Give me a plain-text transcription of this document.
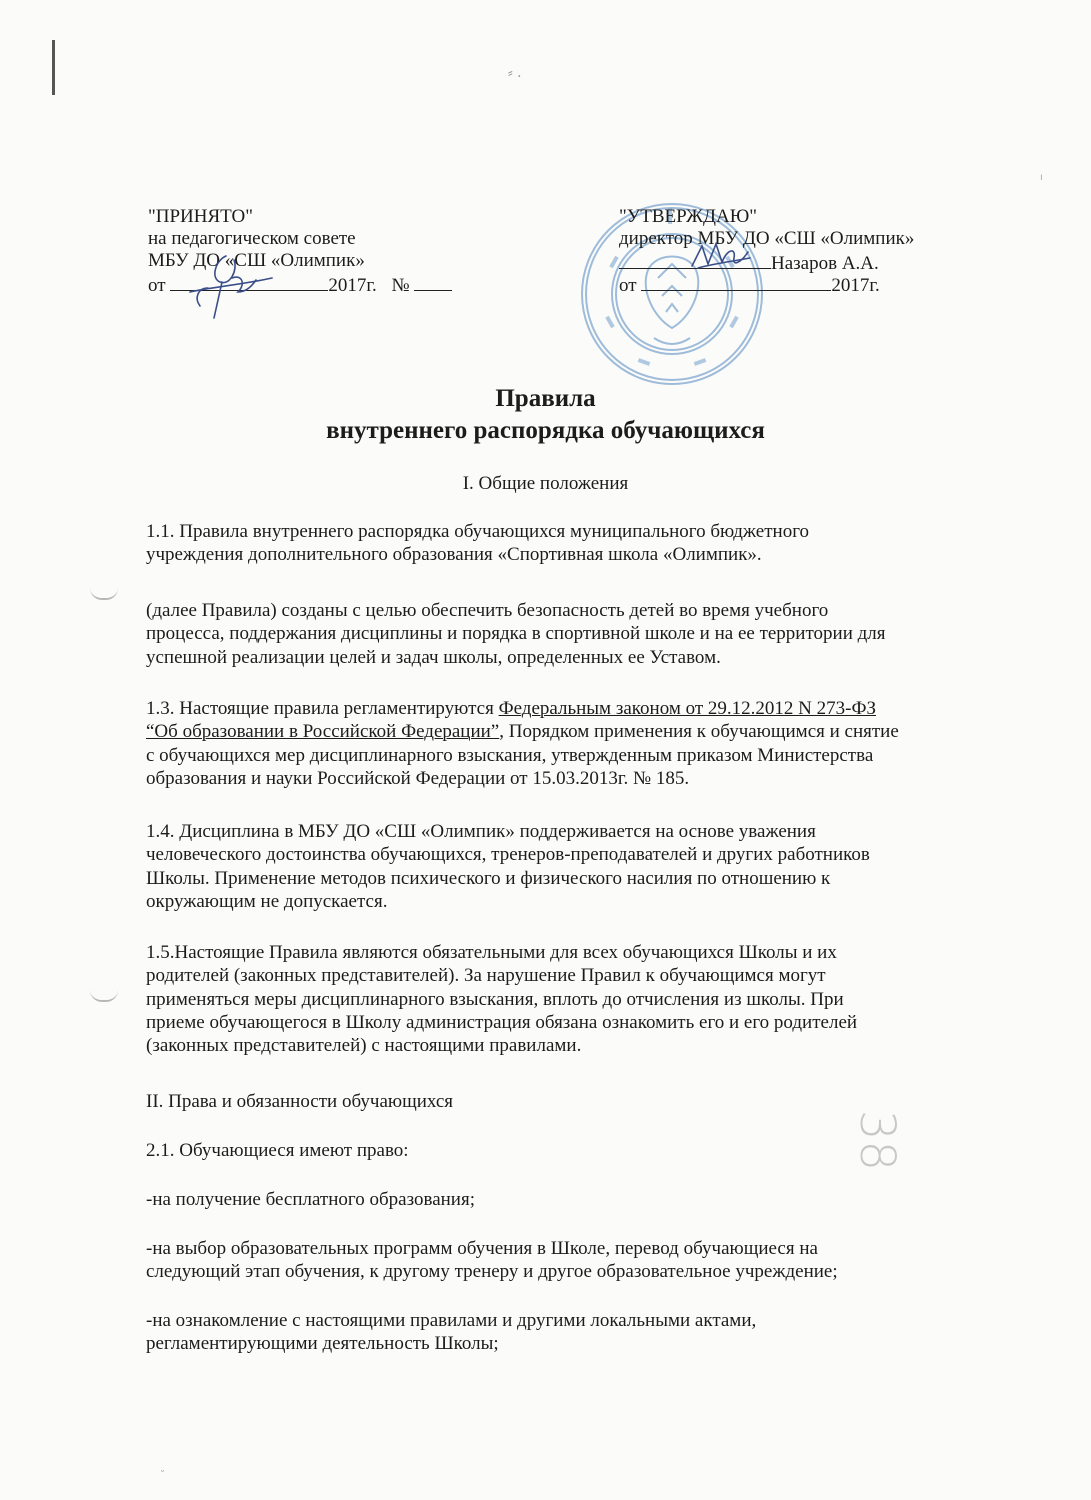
⸗ .
ı
˘
38
"ПРИНЯТО"
на педагогическом совете
МБУ ДО «СШ «Олимпик»
от	2017г. №
"УТВЕРЖДАЮ"
директор МБУ ДО «СШ «Олимпик»
Назаров А.А.
от	2017г.
Правила
внутреннего распорядка обучающихся
I. Общие положения
1.1. Правила внутреннего распорядка обучающихся муниципального бюджетного
учреждения дополнительного образования «Спортивная школа «Олимпик».
(далее Правила) созданы с целью обеспечить безопасность детей во время учебного
процесса, поддержания дисциплины и порядка в спортивной школе и на ее территории для
успешной реализации целей и задач школы, определенных ее Уставом.
1.3. Настоящие правила регламентируются Федеральным законом от 29.12.2012 N 273-ФЗ
“Об образовании в Российской Федерации”, Порядком применения к обучающимся и снятие
с обучающихся мер дисциплинарного взыскания, утвержденным приказом Министерства
образования и науки Российской Федерации от 15.03.2013г. № 185.
1.4. Дисциплина в МБУ ДО «СШ «Олимпик» поддерживается на основе уважения
человеческого достоинства обучающихся, тренеров-преподавателей и других работников
Школы. Применение методов психического и физического насилия по отношению к
окружающим не допускается.
1.5.Настоящие Правила являются обязательными для всех обучающихся Школы и их
родителей (законных представителей). За нарушение Правил к обучающимся могут
применяться меры дисциплинарного взыскания, вплоть до отчисления из школы. При
приеме обучающегося в Школу администрация обязана ознакомить его и его родителей
(законных представителей) с настоящими правилами.
II. Права и обязанности обучающихся
2.1. Обучающиеся имеют право:
-на получение бесплатного образования;
-на выбор образовательных программ обучения в Школе, перевод обучающиеся на
следующий этап обучения, к другому тренеру и другое образовательное учреждение;
-на ознакомление с настоящими правилами и другими локальными актами,
регламентирующими деятельность Школы;
